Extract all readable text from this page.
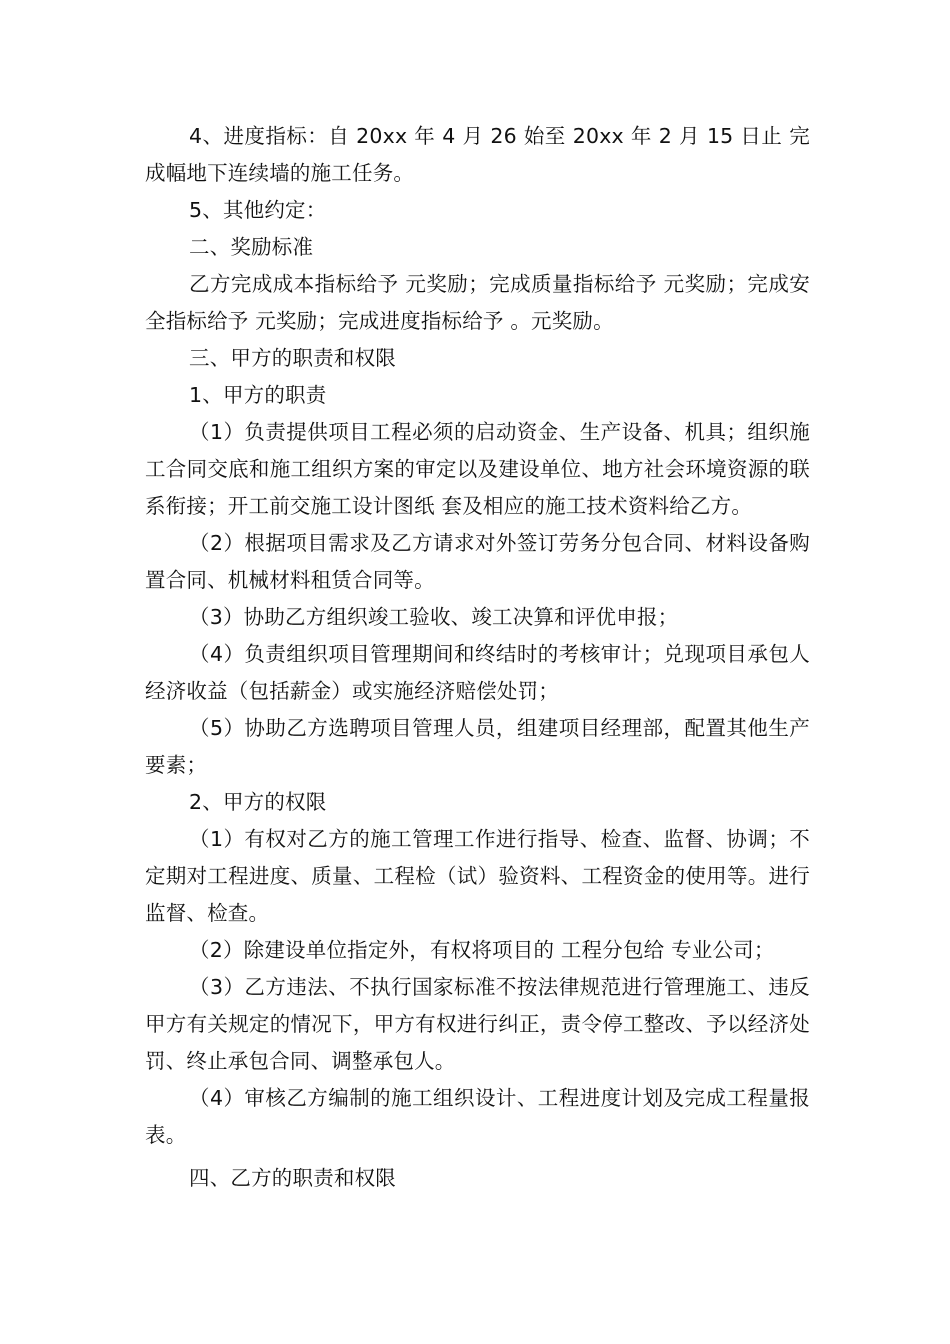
4、进度指标：自 20xx 年 4 月 26 始至 20xx 年 2 月 15 日止 完成幅地下连续墙的施工任务。

5、其他约定：

二、奖励标准

乙方完成成本指标给予 元奖励；完成质量指标给予 元奖励；完成安全指标给予 元奖励；完成进度指标给予 。元奖励。

三、甲方的职责和权限

1、甲方的职责

（1）负责提供项目工程必须的启动资金、生产设备、机具；组织施工合同交底和施工组织方案的审定以及建设单位、地方社会环境资源的联系衔接；开工前交施工设计图纸 套及相应的施工技术资料给乙方。

（2）根据项目需求及乙方请求对外签订劳务分包合同、材料设备购置合同、机械材料租赁合同等。

（3）协助乙方组织竣工验收、竣工决算和评优申报；

（4）负责组织项目管理期间和终结时的考核审计；兑现项目承包人经济收益（包括薪金）或实施经济赔偿处罚；

（5）协助乙方选聘项目管理人员，组建项目经理部，配置其他生产要素；

2、甲方的权限

（1）有权对乙方的施工管理工作进行指导、检查、监督、协调；不定期对工程进度、质量、工程检（试）验资料、工程资金的使用等。进行监督、检查。

（2）除建设单位指定外，有权将项目的 工程分包给 专业公司；

（3）乙方违法、不执行国家标准不按法律规范进行管理施工、违反甲方有关规定的情况下，甲方有权进行纠正，责令停工整改、予以经济处罚、终止承包合同、调整承包人。

（4）审核乙方编制的施工组织设计、工程进度计划及完成工程量报表。

四、乙方的职责和权限
